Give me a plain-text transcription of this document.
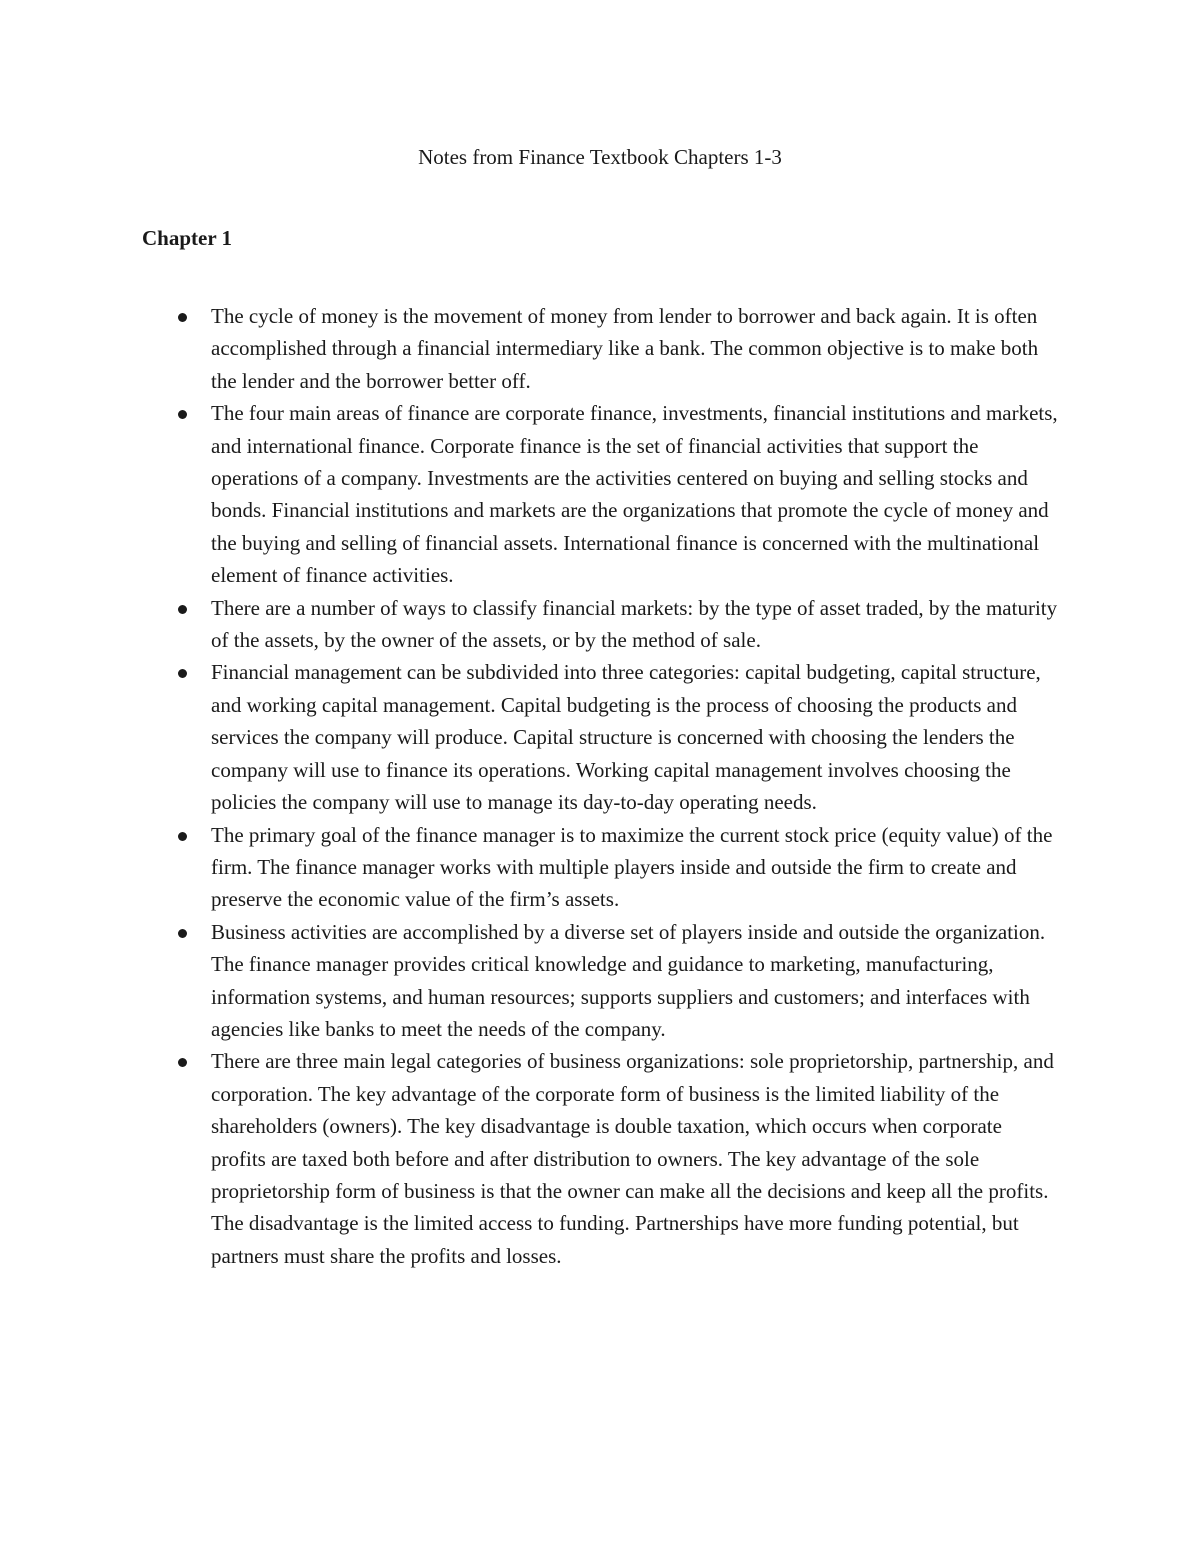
Notes from Finance Textbook Chapters 1-3
Chapter 1
The cycle of money is the movement of money from lender to borrower and back again. It is often accomplished through a financial intermediary like a bank. The common objective is to make both the lender and the borrower better off.
The four main areas of finance are corporate finance, investments, financial institutions and markets, and international finance. Corporate finance is the set of financial activities that support the operations of a company. Investments are the activities centered on buying and selling stocks and bonds. Financial institutions and markets are the organizations that promote the cycle of money and the buying and selling of financial assets. International finance is concerned with the multinational element of finance activities.
There are a number of ways to classify financial markets: by the type of asset traded, by the maturity of the assets, by the owner of the assets, or by the method of sale.
Financial management can be subdivided into three categories: capital budgeting, capital structure, and working capital management. Capital budgeting is the process of choosing the products and services the company will produce. Capital structure is concerned with choosing the lenders the company will use to finance its operations. Working capital management involves choosing the policies the company will use to manage its day-to-day operating needs.
The primary goal of the finance manager is to maximize the current stock price (equity value) of the firm. The finance manager works with multiple players inside and outside the firm to create and preserve the economic value of the firm’s assets.
Business activities are accomplished by a diverse set of players inside and outside the organization. The finance manager provides critical knowledge and guidance to marketing, manufacturing, information systems, and human resources; supports suppliers and customers; and interfaces with agencies like banks to meet the needs of the company.
There are three main legal categories of business organizations: sole proprietorship, partnership, and corporation. The key advantage of the corporate form of business is the limited liability of the shareholders (owners). The key disadvantage is double taxation, which occurs when corporate profits are taxed both before and after distribution to owners. The key advantage of the sole proprietorship form of business is that the owner can make all the decisions and keep all the profits. The disadvantage is the limited access to funding. Partnerships have more funding potential, but partners must share the profits and losses.
